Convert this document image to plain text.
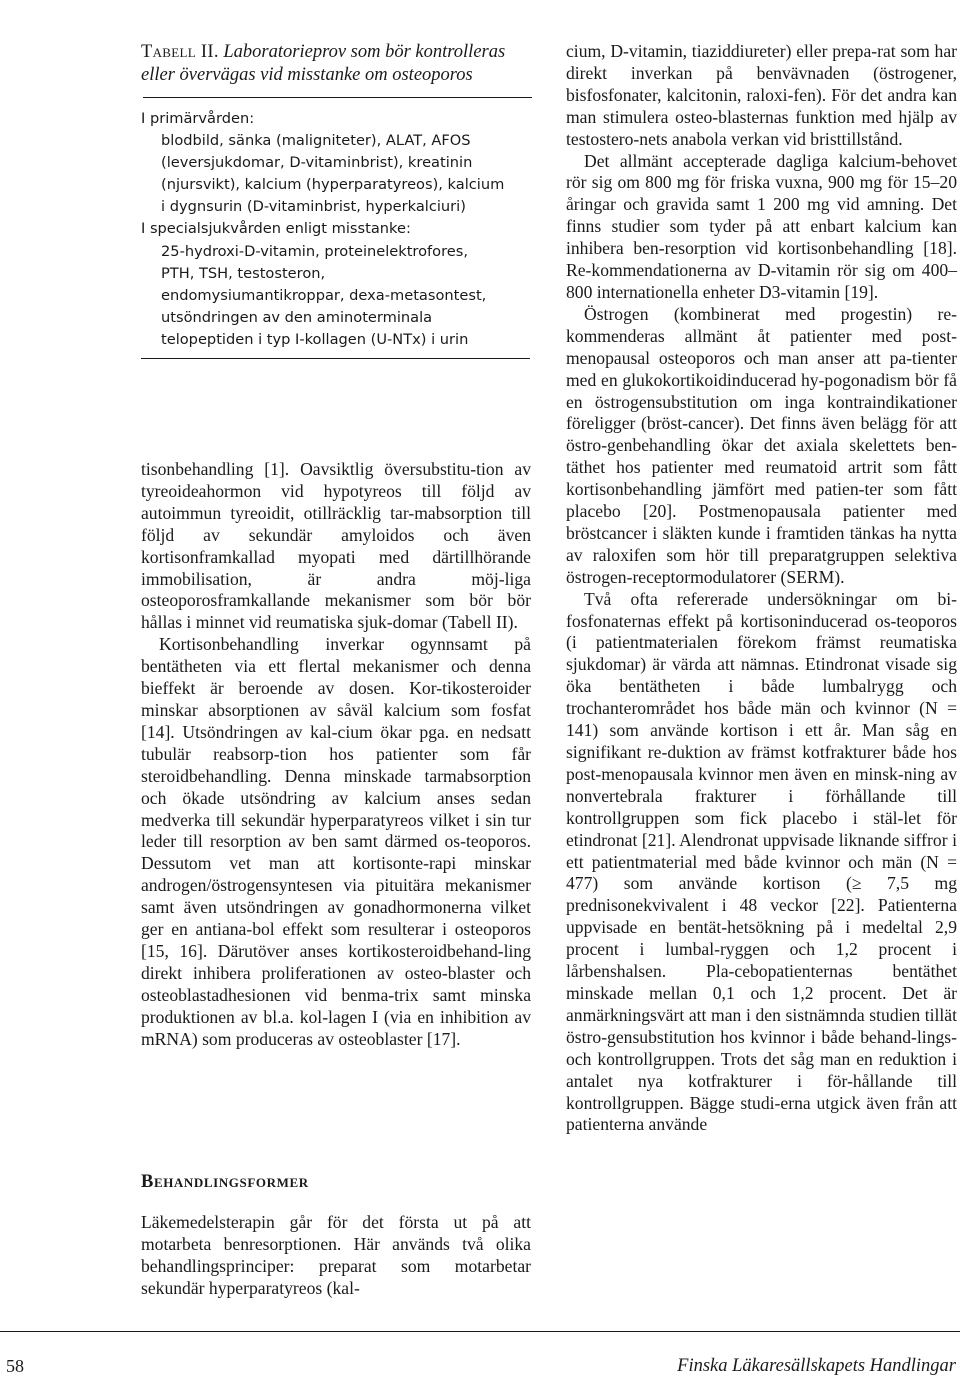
Tabell II. Laboratorieprov som bör kontrolleras
eller övervägas vid misstanke om osteoporos

I primärvården:

blodbild, sänka (maligniteter), ALAT, AFOS

(leversjukdomar, D-vitaminbrist), kreatinin

(njursvikt), kalcium (hyperparatyreos), kalcium

i dygnsurin (D-vitaminbrist, hyperkalciuri)

I specialsjukvården enligt misstanke:

25-hydroxi-D-vitamin, proteinelektrofores,

PTH, TSH, testosteron,

endomysiumantikroppar, dexa-metasontest,

utsöndringen av den aminoterminala

telopeptiden i typ I-kollagen (U-NTx) i urin

tisonbehandling [1]. Oavsiktlig översubstitu-tion av tyreoideahormon vid hypotyreos till följd av autoimmun tyreoidit, otillräcklig tar-mabsorption till följd av sekundär amyloidos och även kortisonframkallad myopati med därtillhörande immobilisation, är andra möj-liga osteoporosframkallande mekanismer som bör bör hållas i minnet vid reumatiska sjuk-domar (Tabell II).

Kortisonbehandling inverkar ogynnsamt på bentätheten via ett flertal mekanismer och denna bieffekt är beroende av dosen. Kor-tikosteroider minskar absorptionen av såväl kalcium som fosfat [14]. Utsöndringen av kal-cium ökar pga. en nedsatt tubulär reabsorp-tion hos patienter som får steroidbehandling. Denna minskade tarmabsorption och ökade utsöndring av kalcium anses sedan medverka till sekundär hyperparatyreos vilket i sin tur leder till resorption av ben samt därmed os-teoporos. Dessutom vet man att kortisonte-rapi minskar androgen/östrogensyntesen via pituitära mekanismer samt även utsöndringen av gonadhormonerna vilket ger en antiana-bol effekt som resulterar i osteoporos [15, 16]. Därutöver anses kortikosteroidbehand-ling direkt inhibera proliferationen av osteo-blaster och osteoblastadhesionen vid benma-trix samt minska produktionen av bl.a. kol-lagen I (via en inhibition av mRNA) som produceras av osteoblaster [17].

Behandlingsformer

Läkemedelsterapin går för det första ut på att motarbeta benresorptionen. Här används två olika behandlingsprinciper: preparat som motarbetar sekundär hyperparatyreos (kal-

cium, D-vitamin, tiaziddiureter) eller prepa-rat som har direkt inverkan på benvävnaden (östrogener, bisfosfonater, kalcitonin, raloxi-fen). För det andra kan man stimulera osteo-blasternas funktion med hjälp av testostero-nets anabola verkan vid bristtillstånd.

Det allmänt accepterade dagliga kalcium-behovet rör sig om 800 mg för friska vuxna, 900 mg för 15–20 åringar och gravida samt 1 200 mg vid amning. Det finns studier som tyder på att enbart kalcium kan inhibera ben-resorption vid kortisonbehandling [18]. Re-kommendationerna av D-vitamin rör sig om 400–800 internationella enheter D3-vitamin [19].

Östrogen (kombinerat med progestin) re-kommenderas allmänt åt patienter med post-menopausal osteoporos och man anser att pa-tienter med en glukokortikoidinducerad hy-pogonadism bör få en östrogensubstitution om inga kontraindikationer föreligger (bröst-cancer). Det finns även belägg för att östro-genbehandling ökar det axiala skelettets ben-täthet hos patienter med reumatoid artrit som fått kortisonbehandling jämfört med patien-ter som fått placebo [20]. Postmenopausala patienter med bröstcancer i släkten kunde i framtiden tänkas ha nytta av raloxifen som hör till preparatgruppen selektiva östrogen-receptormodulatorer (SERM).

Två ofta refererade undersökningar om bi-fosfonaternas effekt på kortisoninducerad os-teoporos (i patientmaterialen förekom främst reumatiska sjukdomar) är värda att nämnas. Etindronat visade sig öka bentätheten i både lumbalrygg och trochanterområdet hos både män och kvinnor (N = 141) som använde kortison i ett år. Man såg en signifikant re-duktion av främst kotfrakturer både hos post-menopausala kvinnor men även en minsk-ning av nonvertebrala frakturer i förhållande till kontrollgruppen som fick placebo i stäl-let för etindronat [21]. Alendronat uppvisade liknande siffror i ett patientmaterial med både kvinnor och män (N = 477) som använde kortison (≥ 7,5 mg prednisonekvivalent i 48 veckor [22]. Patienterna uppvisade en bentät-hetsökning på i medeltal 2,9 procent i lumbal-ryggen och 1,2 procent i lårbenshalsen. Pla-cebopatienternas bentäthet minskade mellan 0,1 och 1,2 procent. Det är anmärkningsvärt att man i den sistnämnda studien tillät östro-gensubstitution hos kvinnor i både behand-lings- och kontrollgruppen. Trots det såg man en reduktion i antalet nya kotfrakturer i för-hållande till kontrollgruppen. Bägge studi-erna utgick även från att patienterna använde

58	Finska Läkaresällskapets Handlingar
